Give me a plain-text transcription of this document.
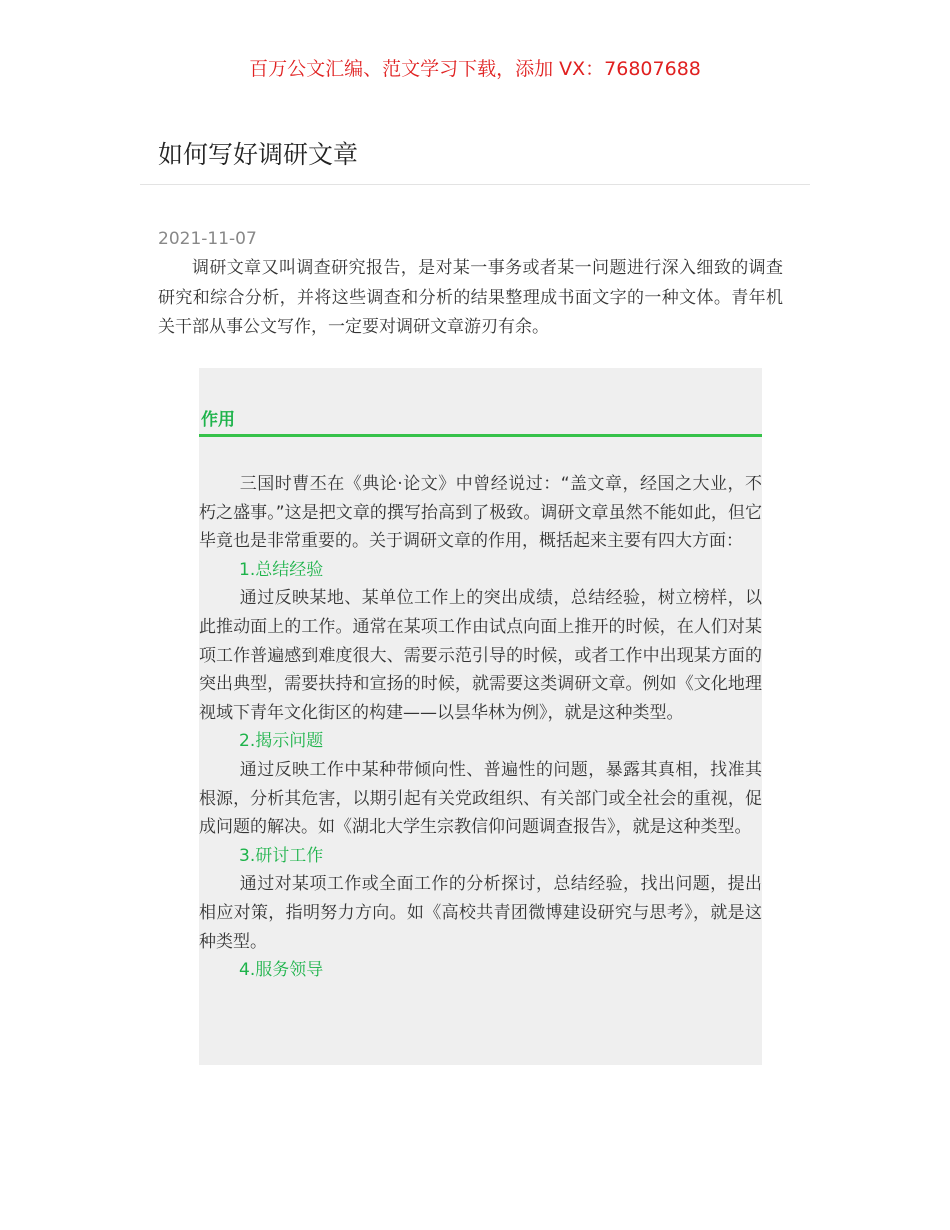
百万公文汇编、范文学习下载，添加 VX：76807688
如何写好调研文章
2021-11-07

调研文章又叫调查研究报告，是对某一事务或者某一问题进行深入细致的调查研究和综合分析，并将这些调查和分析的结果整理成书面文字的一种文体。青年机关干部从事公文写作，一定要对调研文章游刃有余。

作用

三国时曹丕在《典论·论文》中曾经说过：“盖文章，经国之大业，不朽之盛事。”这是把文章的撰写抬高到了极致。调研文章虽然不能如此，但它毕竟也是非常重要的。关于调研文章的作用，概括起来主要有四大方面：

1.总结经验

通过反映某地、某单位工作上的突出成绩，总结经验，树立榜样，以此推动面上的工作。通常在某项工作由试点向面上推开的时候，在人们对某项工作普遍感到难度很大、需要示范引导的时候，或者工作中出现某方面的突出典型，需要扶持和宣扬的时候，就需要这类调研文章。例如《文化地理视域下青年文化街区的构建——以昙华林为例》，就是这种类型。

2.揭示问题

通过反映工作中某种带倾向性、普遍性的问题，暴露其真相，找准其根源，分析其危害，以期引起有关党政组织、有关部门或全社会的重视，促成问题的解决。如《湖北大学生宗教信仰问题调查报告》，就是这种类型。

3.研讨工作

通过对某项工作或全面工作的分析探讨，总结经验，找出问题，提出相应对策，指明努力方向。如《高校共青团微博建设研究与思考》，就是这种类型。

4.服务领导
